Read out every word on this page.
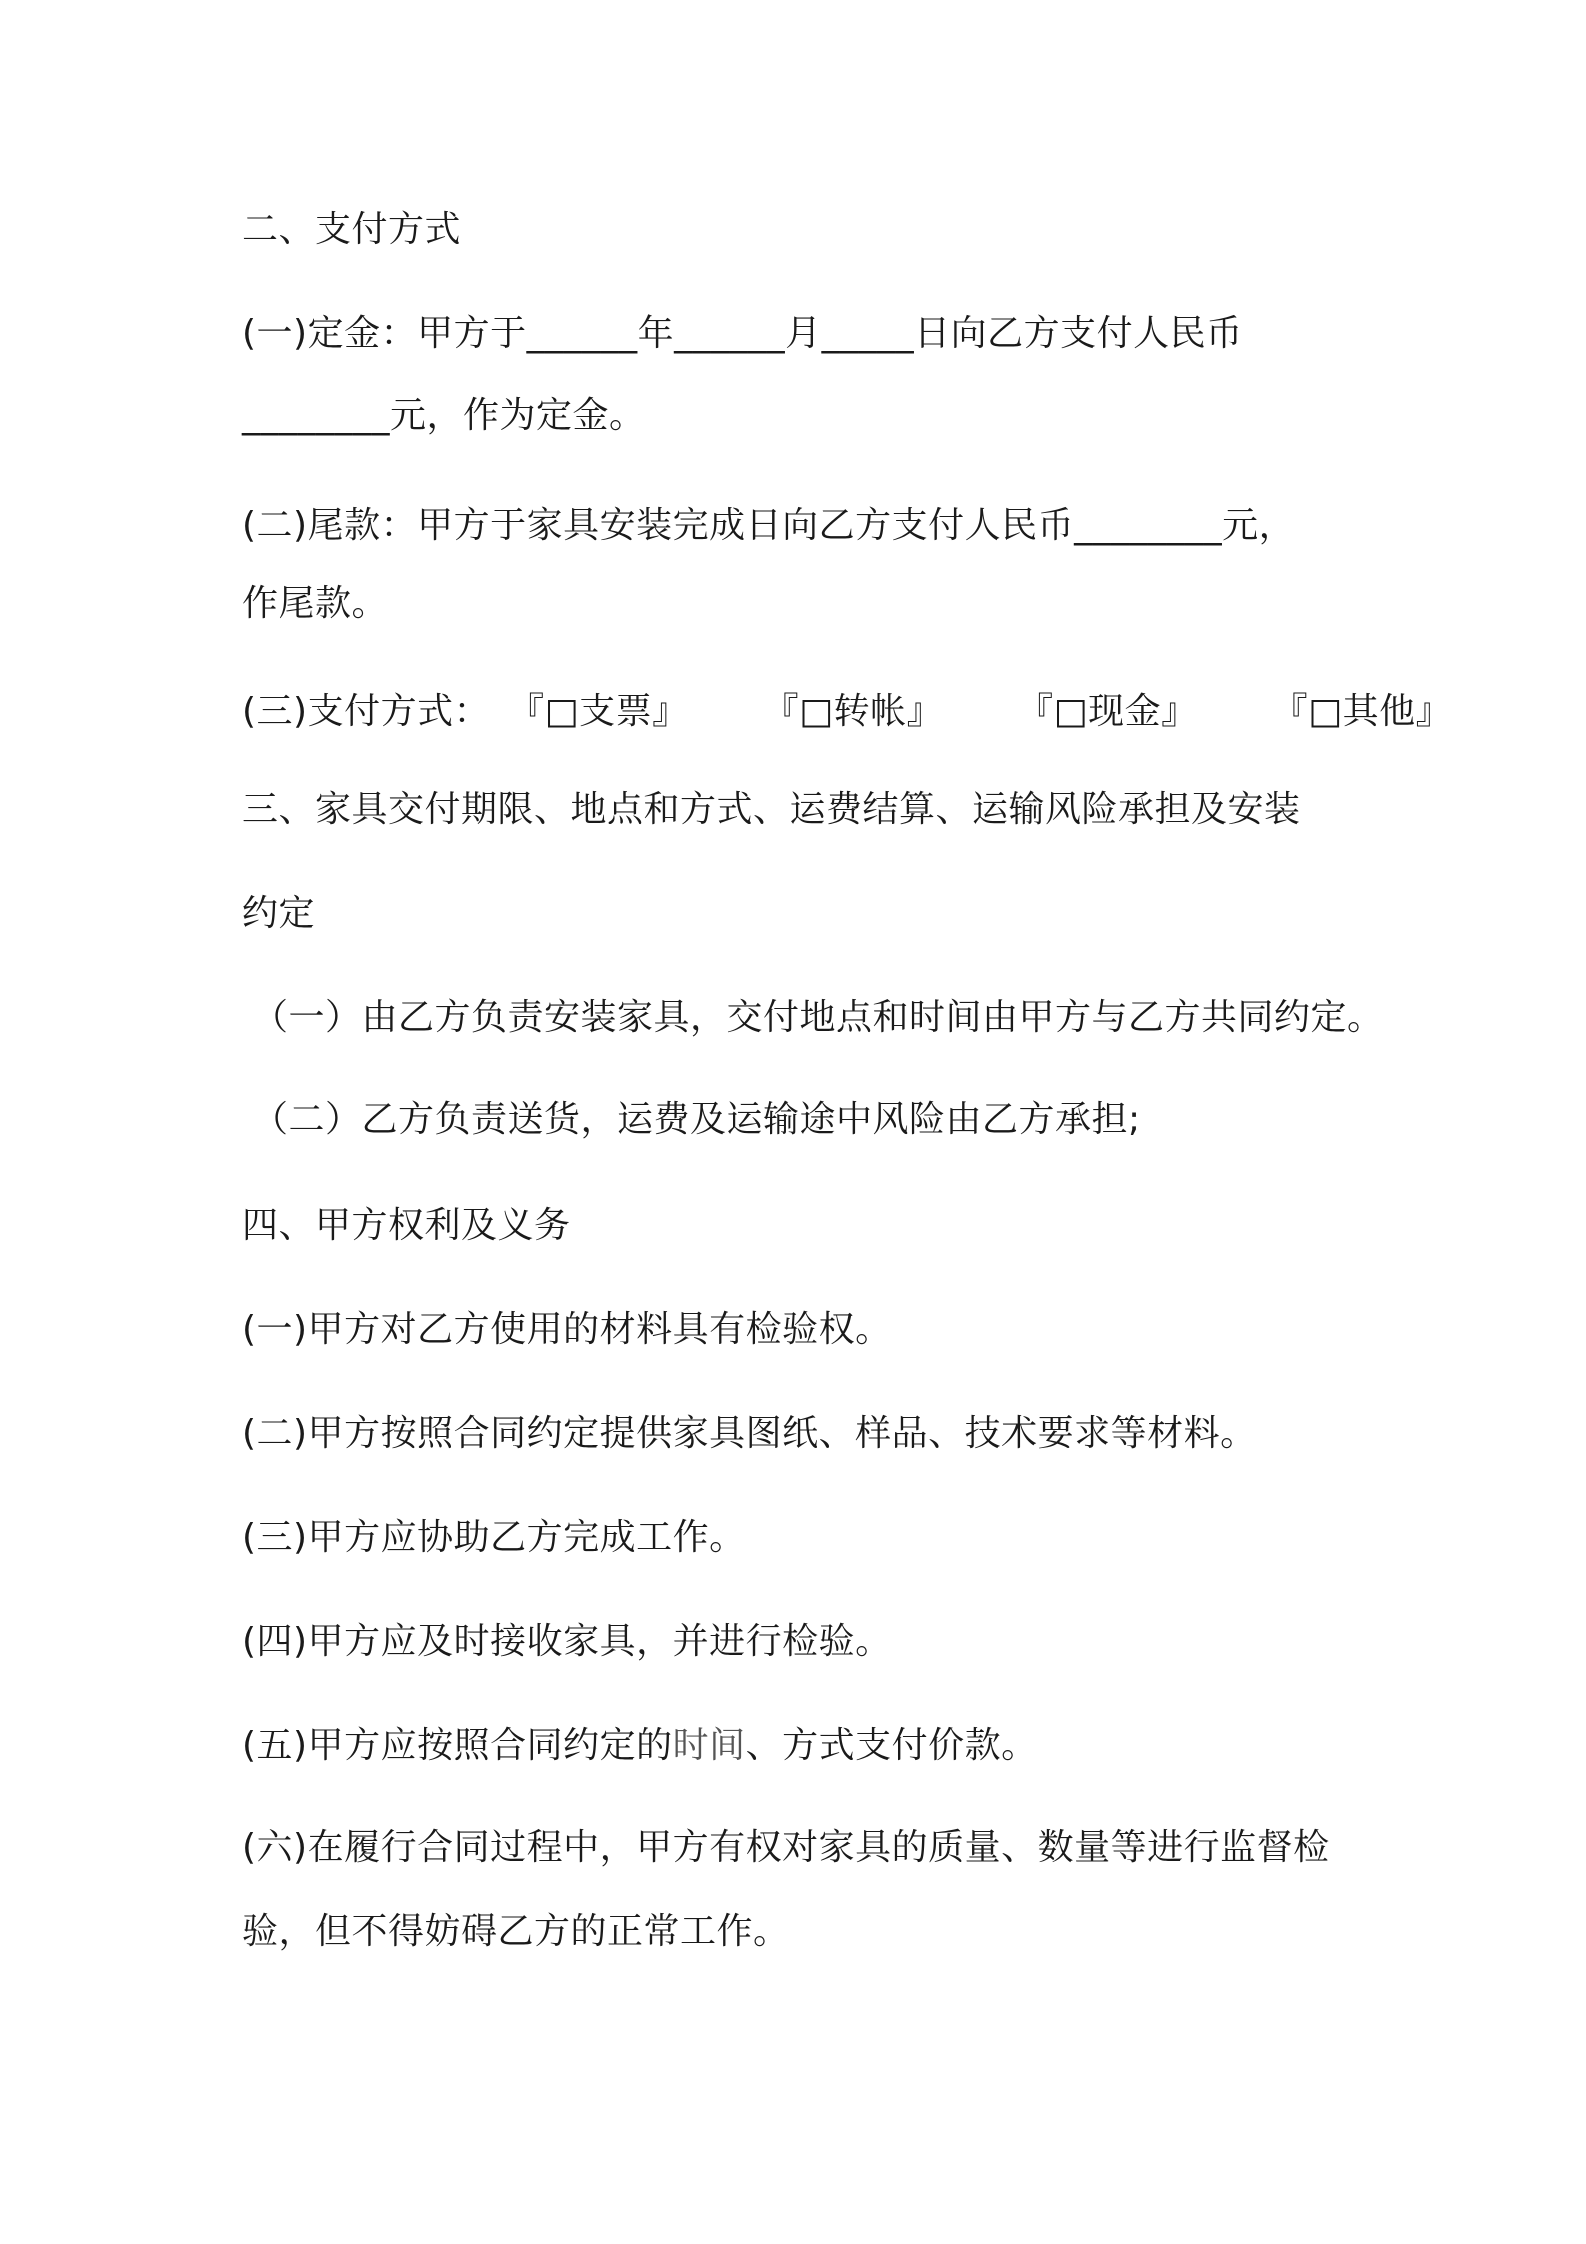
二、支付方式
(一)定金：甲方于______年______月_____日向乙方支付人民币
________元，作为定金。
(二)尾款：甲方于家具安装完成日向乙方支付人民币________元，
作尾款。
(三)支付方式： 『□支票』 『□转帐』 『□现金』 『□其他』
三、家具交付期限、地点和方式、运费结算、运输风险承担及安装
约定
（一）由乙方负责安装家具，交付地点和时间由甲方与乙方共同约定。
（二）乙方负责送货，运费及运输途中风险由乙方承担;
四、甲方权利及义务
(一)甲方对乙方使用的材料具有检验权。
(二)甲方按照合同约定提供家具图纸、样品、技术要求等材料。
(三)甲方应协助乙方完成工作。
(四)甲方应及时接收家具，并进行检验。
(五)甲方应按照合同约定的时间、方式支付价款。
(六)在履行合同过程中，甲方有权对家具的质量、数量等进行监督检
验，但不得妨碍乙方的正常工作。
